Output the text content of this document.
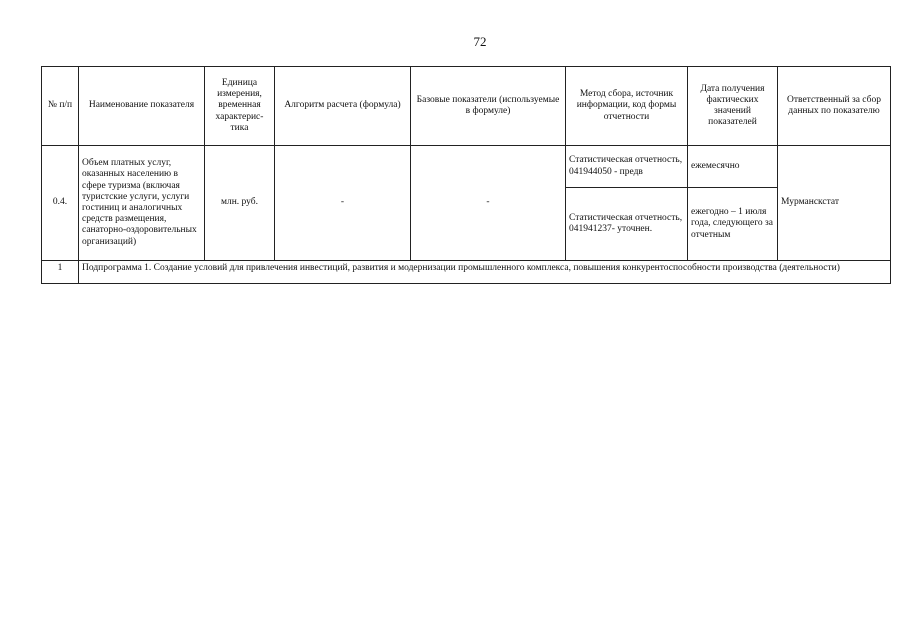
72
№ п/п	Наименование показателя	Единица измерения, временная характерис-тика	Алгоритм расчета (формула)	Базовые показатели (используемые в формуле)	Метод сбора, источник информации, код формы отчетности	Дата получения фактических значений показателей	Ответственный за сбор данных по показателю
0.4.	Объем платных услуг, оказанных населению в сфере туризма (включая туристские услуги, услуги гостиниц и аналогичных средств размещения, санаторно-оздоровительных организаций)	млн. руб.	-	-	Статистическая отчетность, 041944050 - предв	ежемесячно	Мурманскстат
					Статистическая отчетность, 041941237- уточнен.	ежегодно – 1 июля года, следующего за отчетным	
1	Подпрограмма 1. Создание условий для привлечения инвестиций, развития и модернизации промышленного комплекса, повышения конкурентоспособности производства (деятельности)						
